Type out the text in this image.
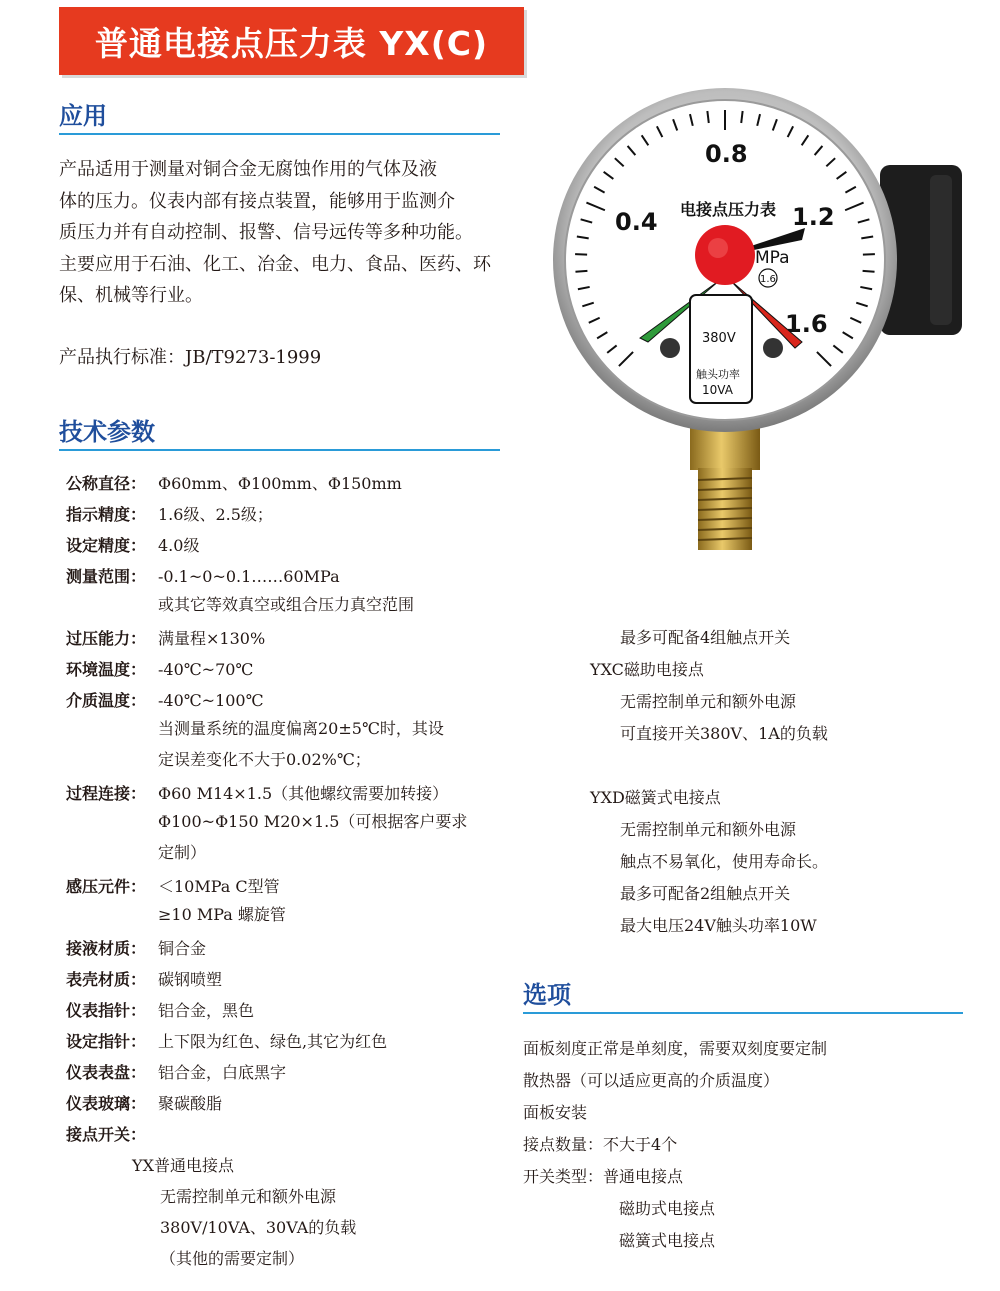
普通电接点压力表 YX(C)
应用
产品适用于测量对铜合金无腐蚀作用的气体及液
体的压力。仪表内部有接点装置，能够用于监测介
质压力并有自动控制、报警、信号远传等多种功能。
主要应用于石油、化工、冶金、电力、食品、医药、环
保、机械等行业。
产品执行标准：JB/T9273-1999
技术参数
公称直径： Φ60mm、Φ100mm、Φ150mm
指示精度： 1.6级、2.5级；
设定精度： 4.0级
测量范围： -0.1~0~0.1……60MPa
或其它等效真空或组合压力真空范围
过压能力： 满量程×130%
环境温度： -40℃~70℃
介质温度： -40℃~100℃
当测量系统的温度偏离20±5℃时，其设
定误差变化不大于0.02%℃；
过程连接： Φ60 M14×1.5（其他螺纹需要加转接）
Φ100~Φ150 M20×1.5（可根据客户要求
定制）
感压元件： ＜10MPa C型管
≥10 MPa 螺旋管
接液材质： 铜合金
表壳材质： 碳钢喷塑
仪表指针： 铝合金，黑色
设定指针： 上下限为红色、绿色,其它为红色
仪表表盘： 铝合金，白底黑字
仪表玻璃： 聚碳酸脂
接点开关：
YX普通电接点
无需控制单元和额外电源
380V/10VA、30VA的负载
（其他的需要定制）
最多可配备4组触点开关
YXC磁助电接点
无需控制单元和额外电源
可直接开关380V、1A的负载
YXD磁簧式电接点
无需控制单元和额外电源
触点不易氧化，使用寿命长。
最多可配备2组触点开关
最大电压24V触头功率10W
选项
面板刻度正常是单刻度，需要双刻度要定制
散热器（可以适应更高的介质温度）
面板安装
接点数量：不大于4个
开关类型：普通电接点
磁助式电接点
磁簧式电接点
0.4
0.8
1.2
1.6
电接点压力表
MPa
1.6
380V
触头功率
10VA
